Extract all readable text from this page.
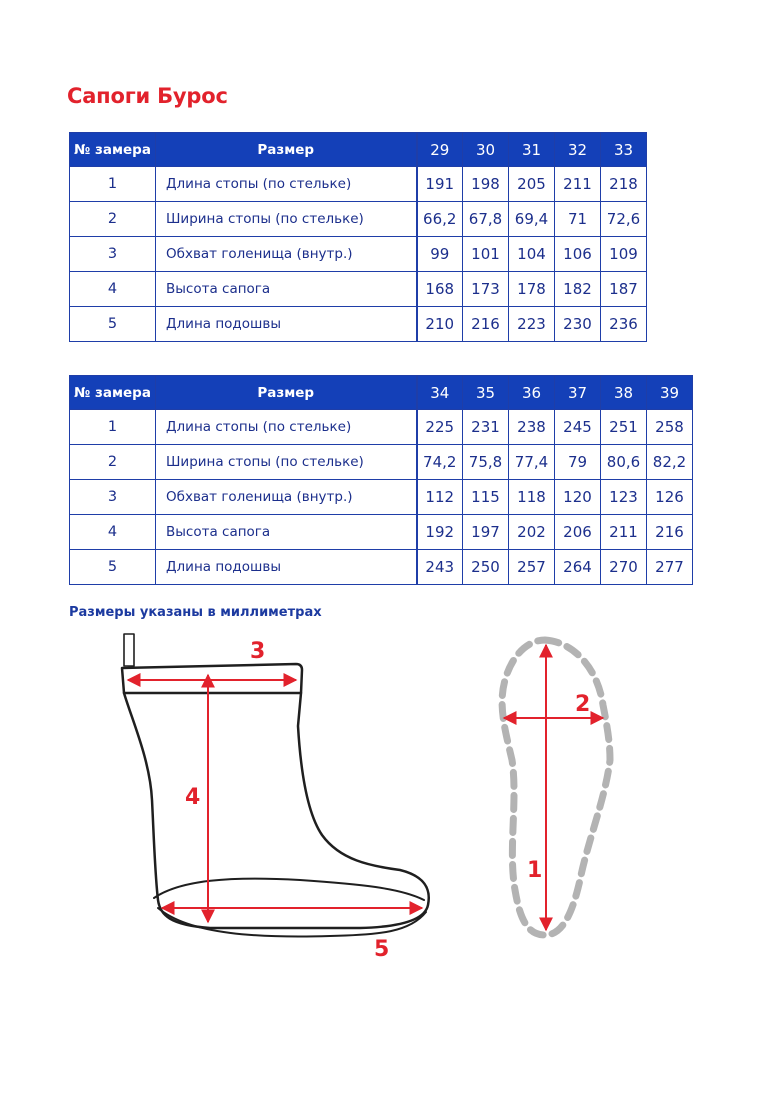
Сапоги Бурос
№ замера	Размер	29	30	31	32	33
1	Длина стопы (по стельке)	191	198	205	211	218
2	Ширина стопы (по стельке)	66,2	67,8	69,4	71	72,6
3	Обхват голенища (внутр.)	99	101	104	106	109
4	Высота сапога	168	173	178	182	187
5	Длина подошвы	210	216	223	230	236
№ замера	Размер	34	35	36	37	38	39
1	Длина стопы (по стельке)	225	231	238	245	251	258
2	Ширина стопы (по стельке)	74,2	75,8	77,4	79	80,6	82,2
3	Обхват голенища (внутр.)	112	115	118	120	123	126
4	Высота сапога	192	197	202	206	211	216
5	Длина подошвы	243	250	257	264	270	277
Размеры указаны в миллиметрах
3
4
5
2
1
